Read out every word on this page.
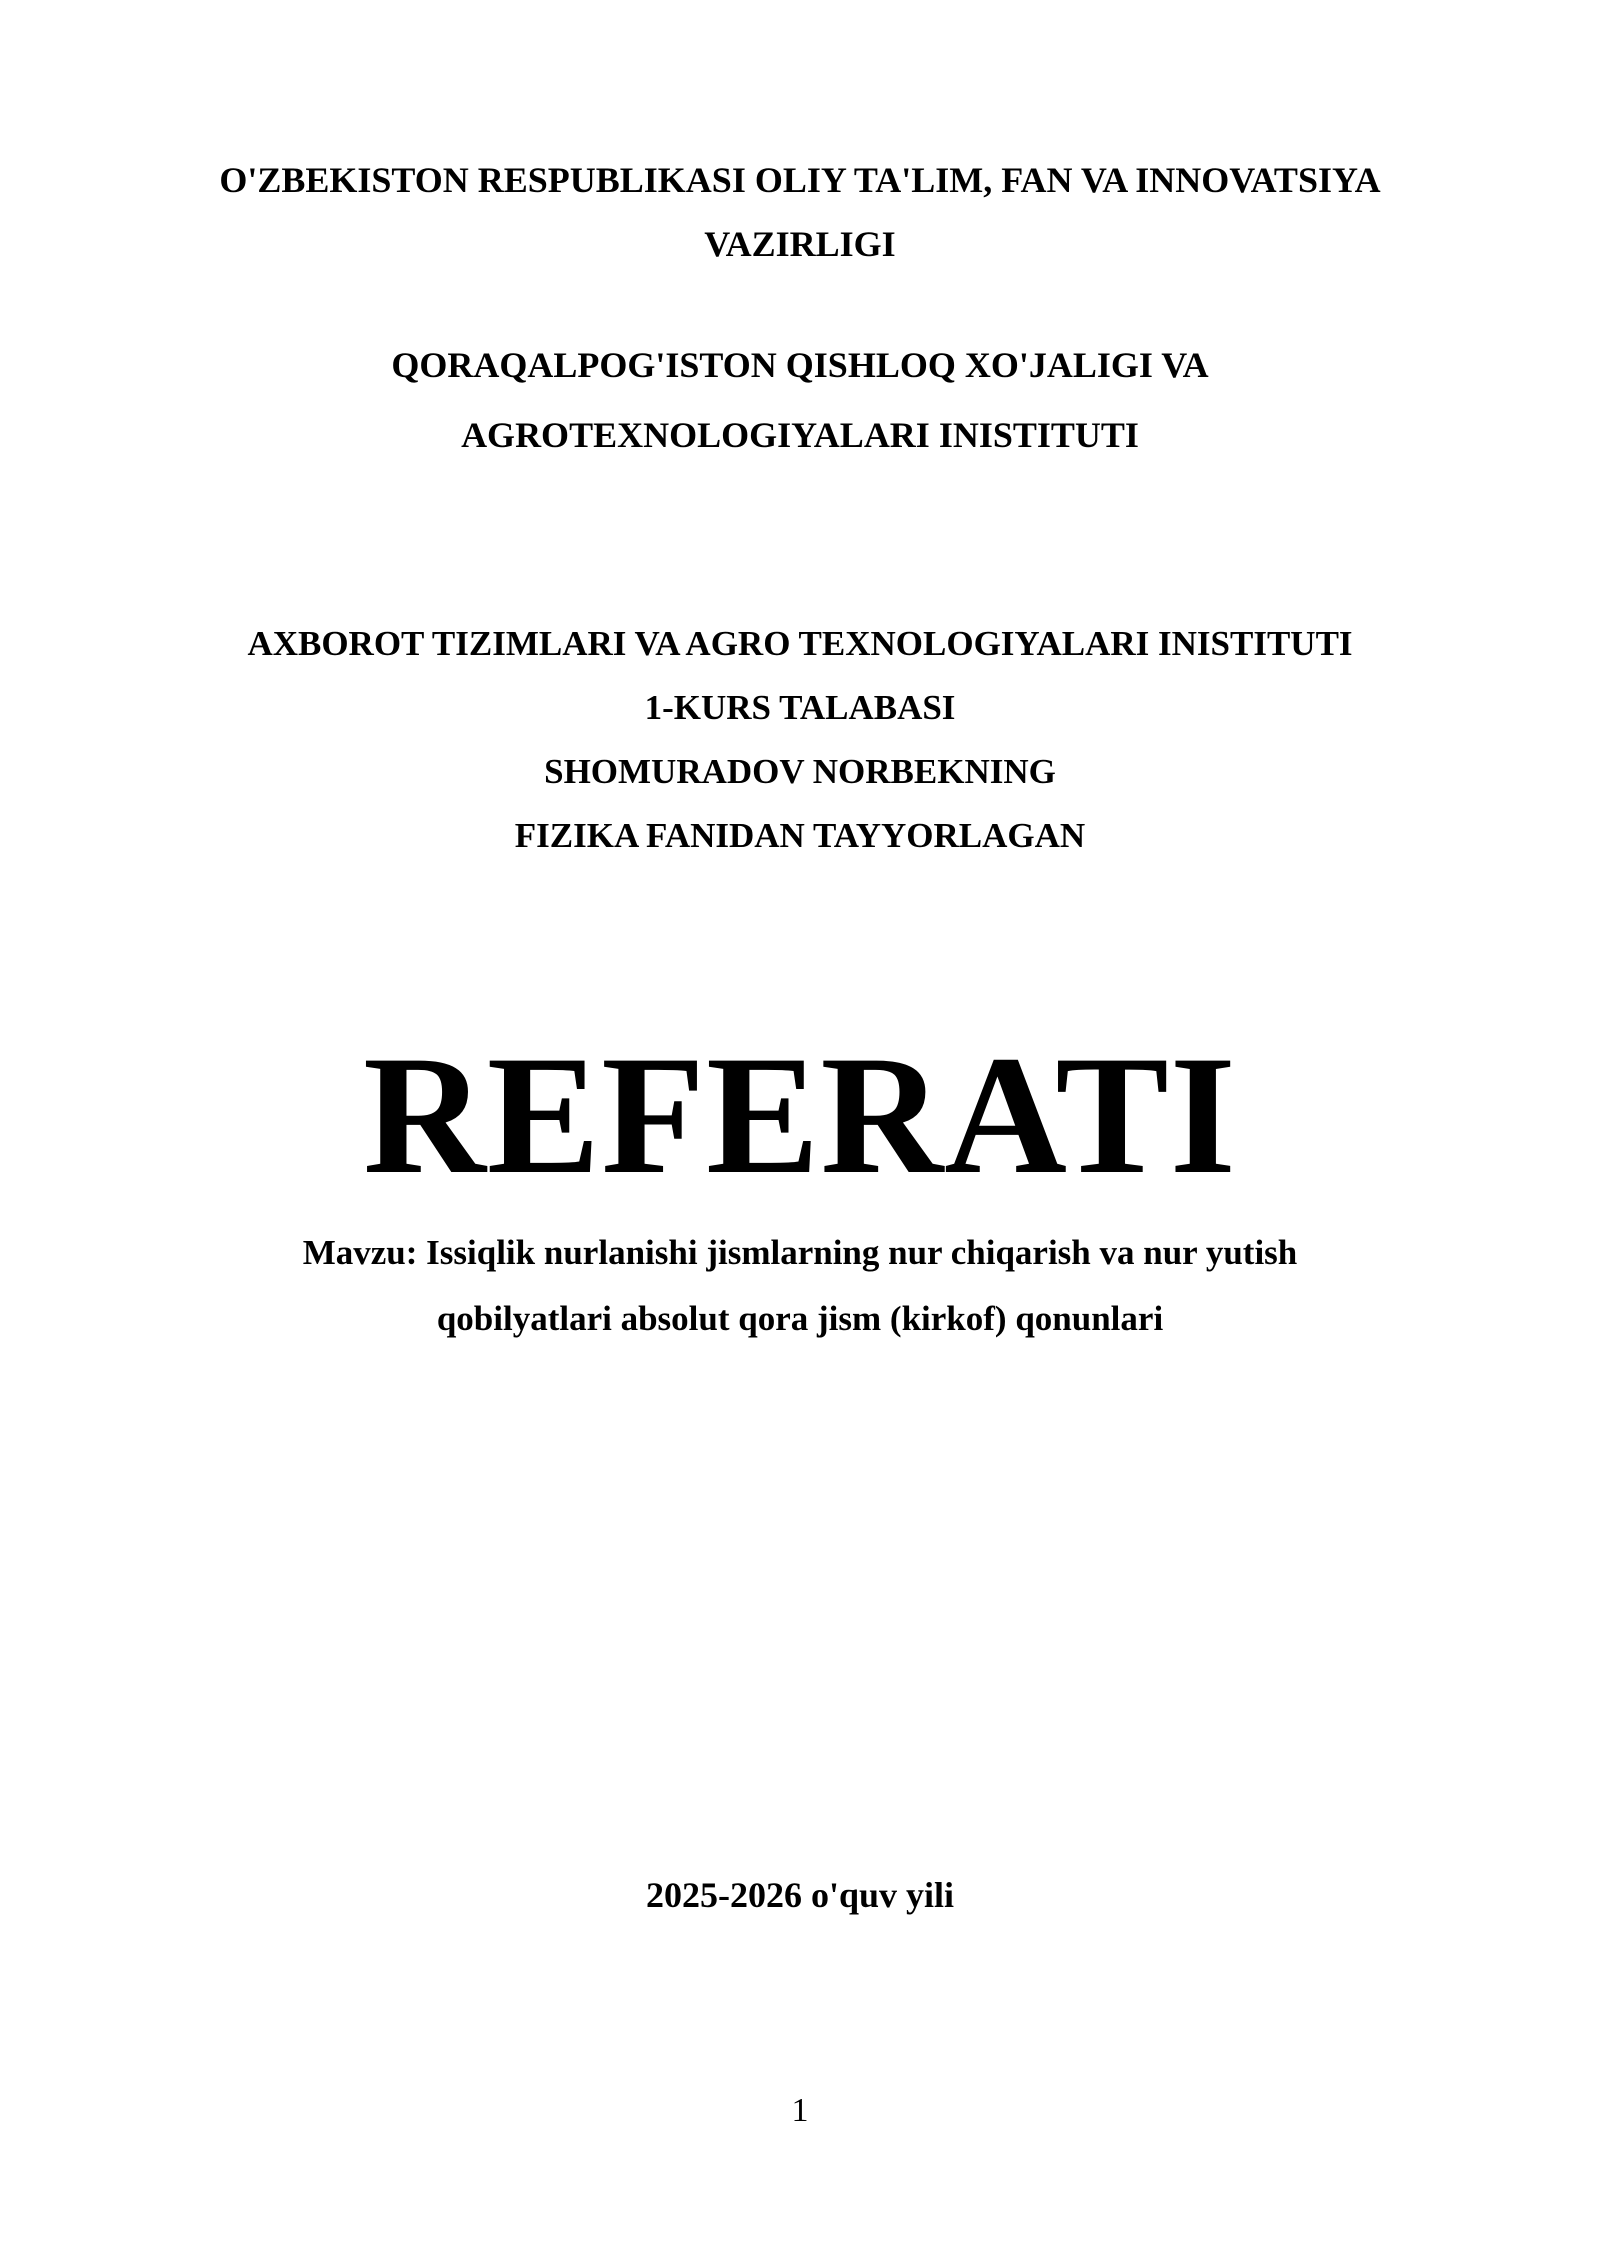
O'ZBEKISTON RESPUBLIKASI OLIY TA'LIM, FAN VA INNOVATSIYA
VAZIRLIGI
QORAQALPOG'ISTON QISHLOQ XO'JALIGI VA
AGROTEXNOLOGIYALARI INISTITUTI
AXBOROT TIZIMLARI VA AGRO TEXNOLOGIYALARI INISTITUTI
1-KURS TALABASI
SHOMURADOV NORBEKNING
FIZIKA FANIDAN TAYYORLAGAN
REFERATI
Mavzu: Issiqlik nurlanishi jismlarning nur chiqarish va nur yutish
qobilyatlari absolut qora jism (kirkof) qonunlari
2025-2026 o'quv yili
1
